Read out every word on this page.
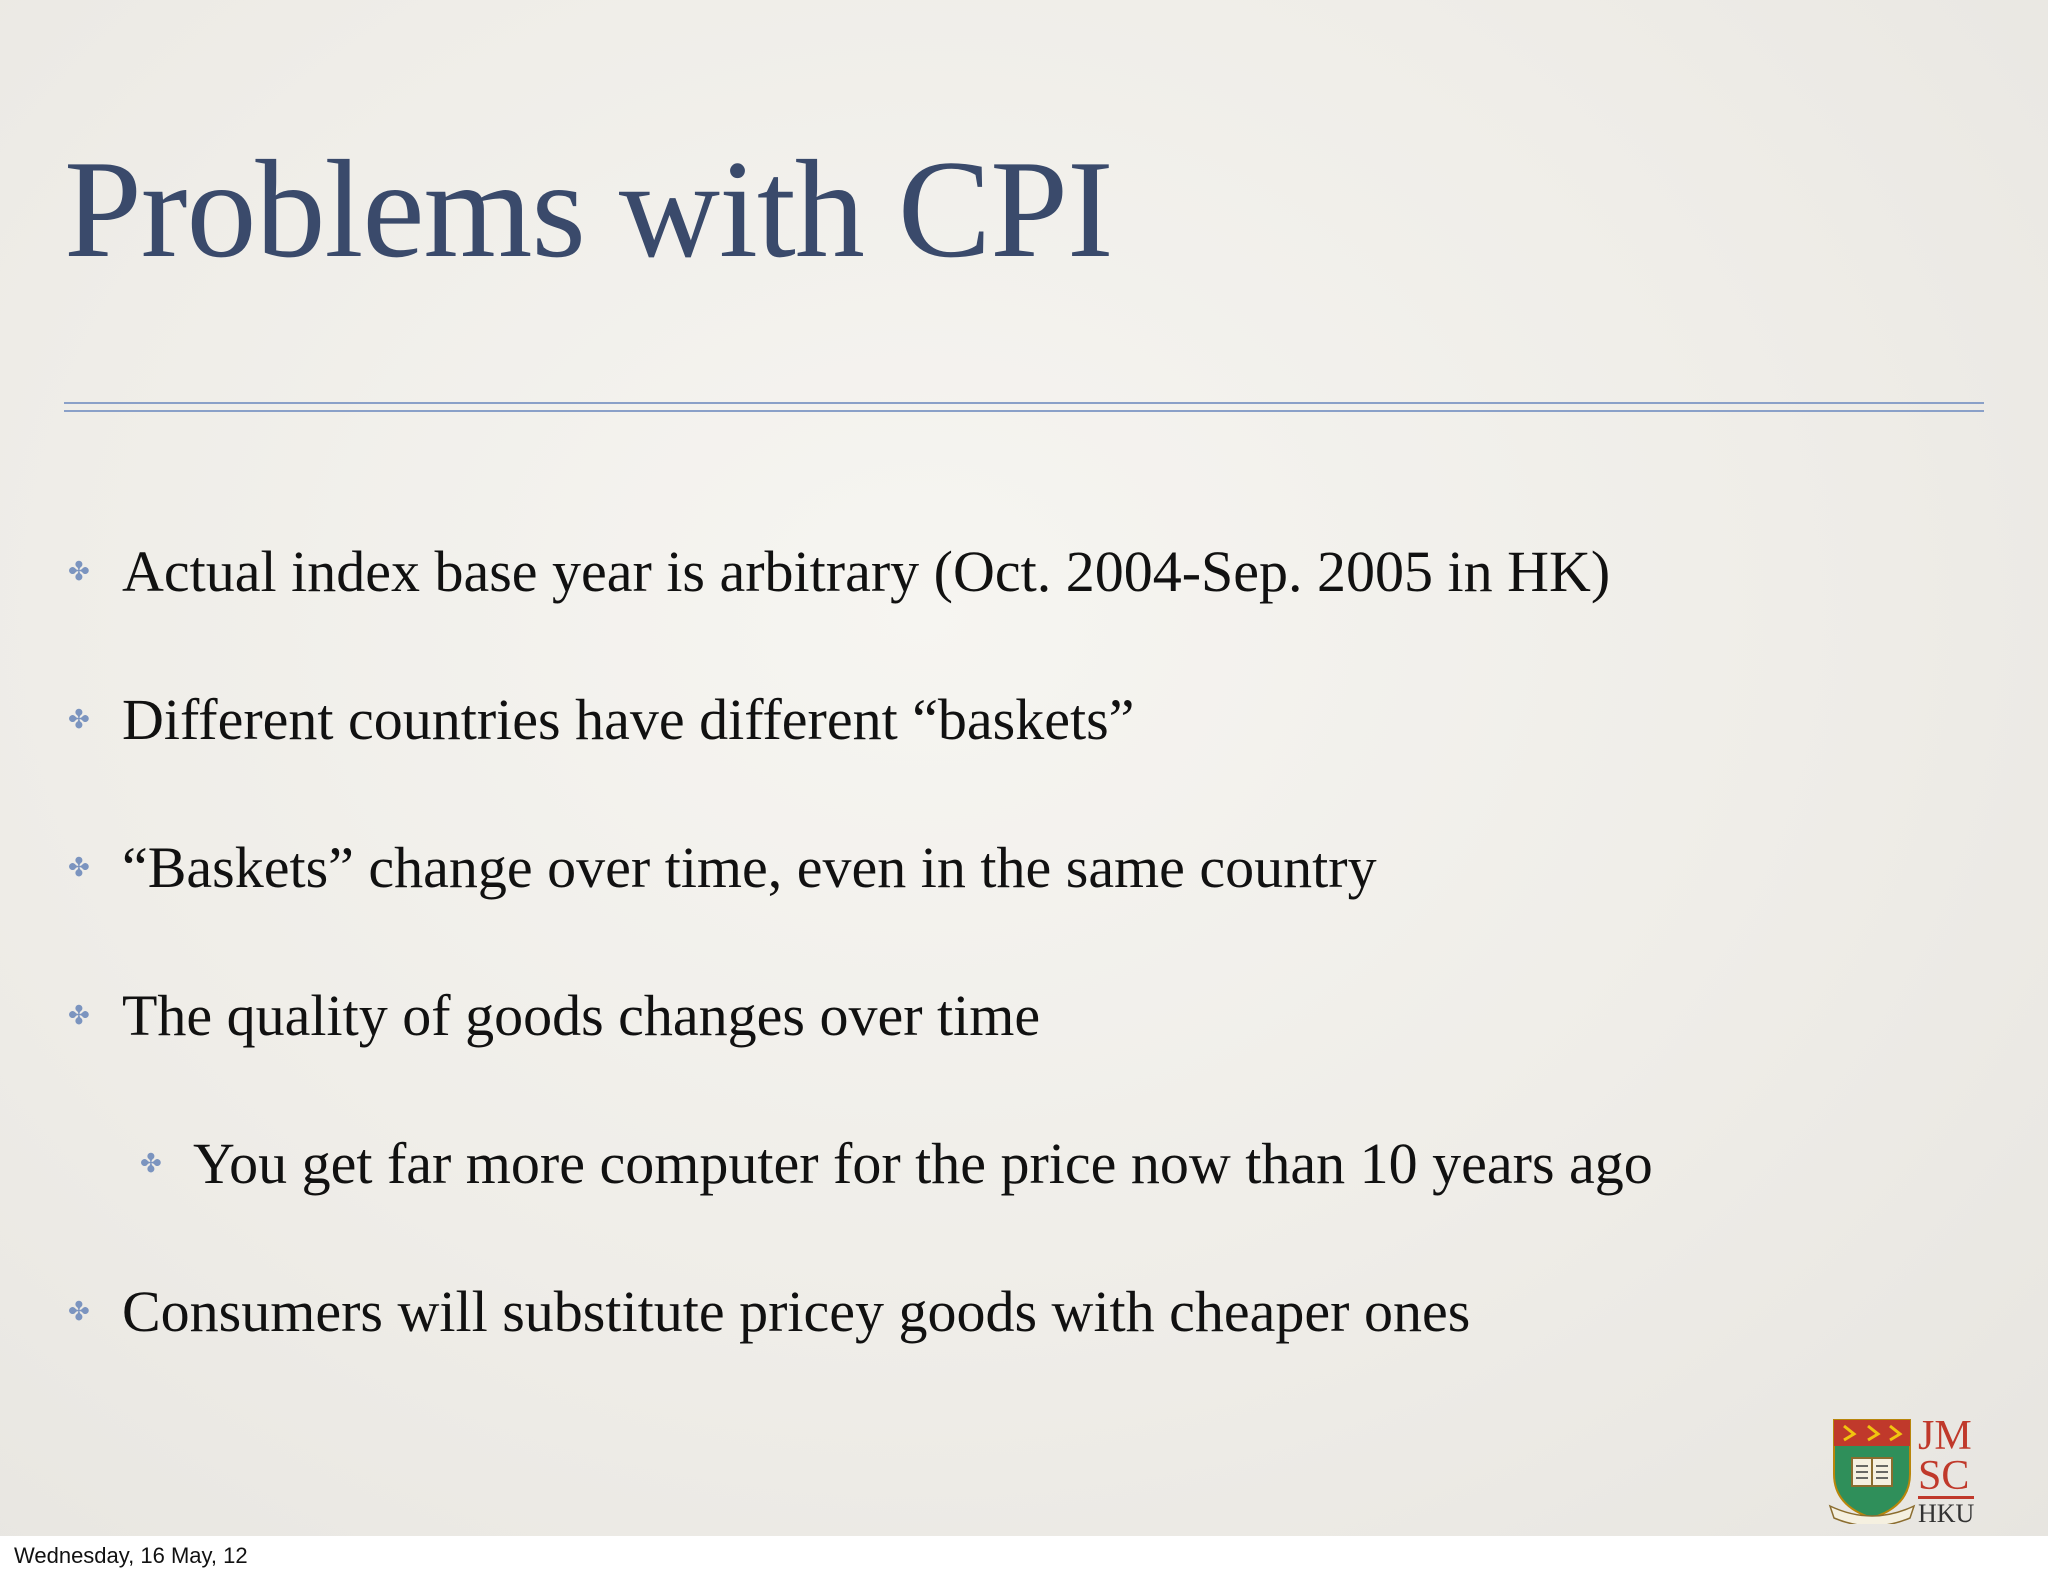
Problems with CPI
✤ Actual index base year is arbitrary (Oct. 2004-Sep. 2005 in HK)
✤ Different countries have different “baskets”
✤ “Baskets” change over time, even in the same country
✤ The quality of goods changes over time
✤ You get far more computer for the price now than 10 years ago
✤ Consumers will substitute pricey goods with cheaper ones
JM
SC
HKU
Wednesday, 16 May, 12
